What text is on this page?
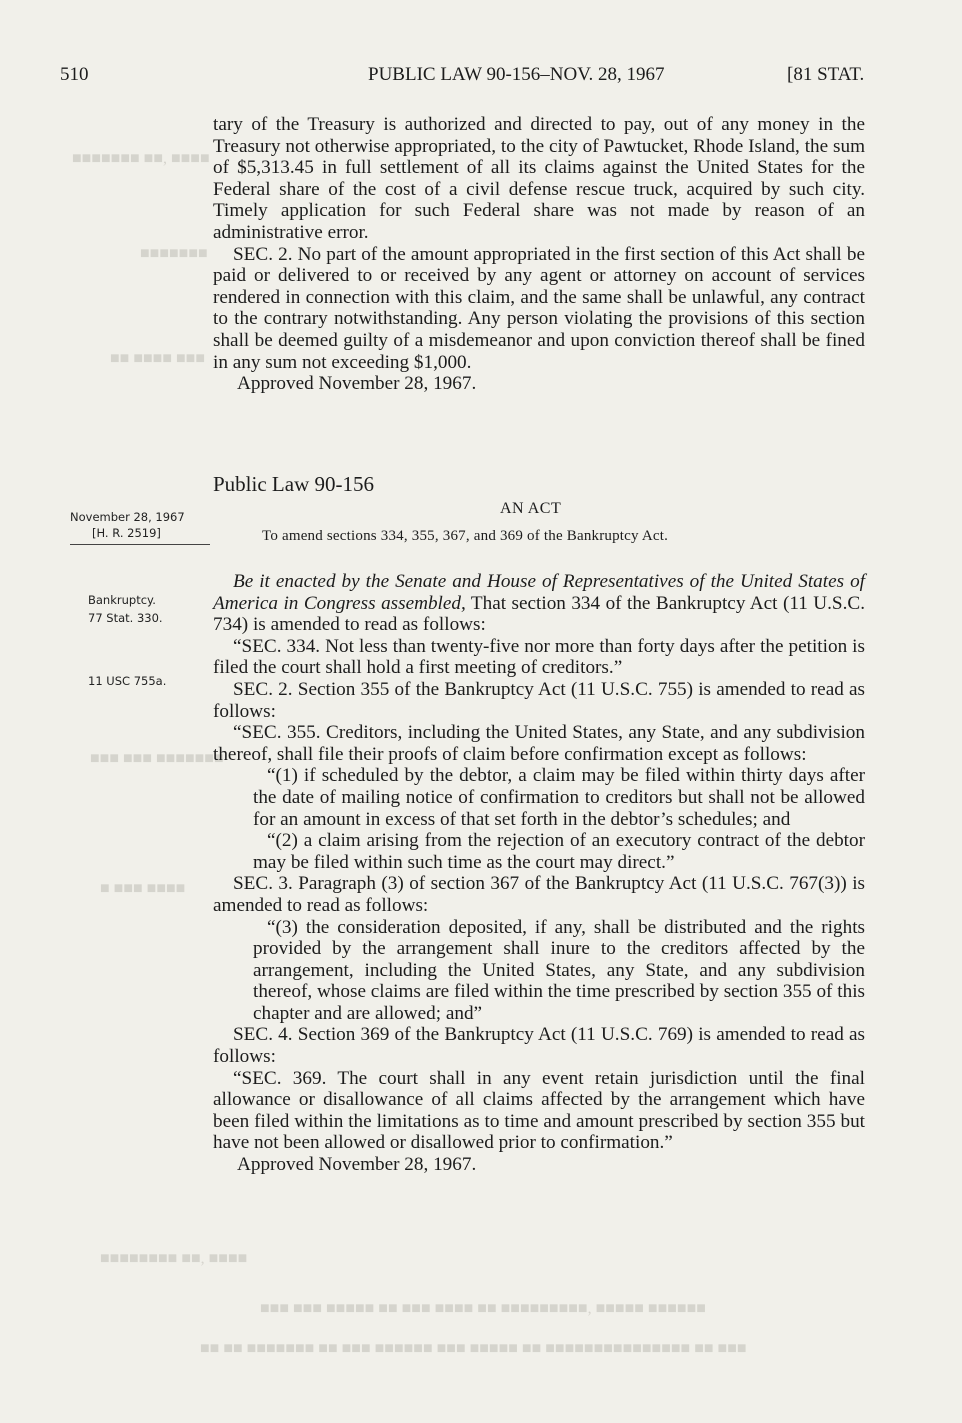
■■■■■■■ ■■, ■■■■
■■■■■■■
■■ ■■■■ ■■■
■■■ ■■■ ■■■■■■■
■ ■■■ ■■■■
■■■■■■■■ ■■, ■■■■
■■■ ■■■ ■■■■■ ■■ ■■■ ■■■■ ■■ ■■■■■■■■■, ■■■■■ ■■■■■■
■■ ■■ ■■■■■■■ ■■ ■■■ ■■■■■■ ■■■ ■■■■■ ■■ ■■■■■■■■■■■■■■■ ■■ ■■■
510	PUBLIC LAW 90-156–NOV. 28, 1967	[81 STAT.

tary of the Treasury is authorized and directed to pay, out of any money in the Treasury not otherwise appropriated, to the city of Pawtucket, Rhode Island, the sum of $5,313.45 in full settlement of all its claims against the United States for the Federal share of the cost of a civil defense rescue truck, acquired by such city. Timely application for such Federal share was not made by reason of an administrative error.

SEC. 2. No part of the amount appropriated in the first section of this Act shall be paid or delivered to or received by any agent or attorney on account of services rendered in connection with this claim, and the same shall be unlawful, any contract to the contrary notwithstanding. Any person violating the provisions of this section shall be deemed guilty of a misdemeanor and upon conviction thereof shall be fined in any sum not exceeding $1,000.

Approved November 28, 1967.

Public Law 90-156
AN ACT
To amend sections 334, 355, 367, and 369 of the Bankruptcy Act.
November 28, 1967
[H. R. 2519]
Bankruptcy.
77 Stat. 330.
11 USC 755a.

Be it enacted by the Senate and House of Representatives of the United States of America in Congress assembled, That section 334 of the Bankruptcy Act (11 U.S.C. 734) is amended to read as follows:

“SEC. 334. Not less than twenty-five nor more than forty days after the petition is filed the court shall hold a first meeting of creditors.”

SEC. 2. Section 355 of the Bankruptcy Act (11 U.S.C. 755) is amended to read as follows:

“SEC. 355. Creditors, including the United States, any State, and any subdivision thereof, shall file their proofs of claim before confirmation except as follows:

“(1) if scheduled by the debtor, a claim may be filed within thirty days after the date of mailing notice of confirmation to creditors but shall not be allowed for an amount in excess of that set forth in the debtor’s schedules; and

“(2) a claim arising from the rejection of an executory contract of the debtor may be filed within such time as the court may direct.”

SEC. 3. Paragraph (3) of section 367 of the Bankruptcy Act (11 U.S.C. 767(3)) is amended to read as follows:

“(3) the consideration deposited, if any, shall be distributed and the rights provided by the arrangement shall inure to the creditors affected by the arrangement, including the United States, any State, and any subdivision thereof, whose claims are filed within the time prescribed by section 355 of this chapter and are allowed; and”

SEC. 4. Section 369 of the Bankruptcy Act (11 U.S.C. 769) is amended to read as follows:

“SEC. 369. The court shall in any event retain jurisdiction until the final allowance or disallowance of all claims affected by the arrangement which have been filed within the limitations as to time and amount prescribed by section 355 but have not been allowed or disallowed prior to confirmation.”

Approved November 28, 1967.
